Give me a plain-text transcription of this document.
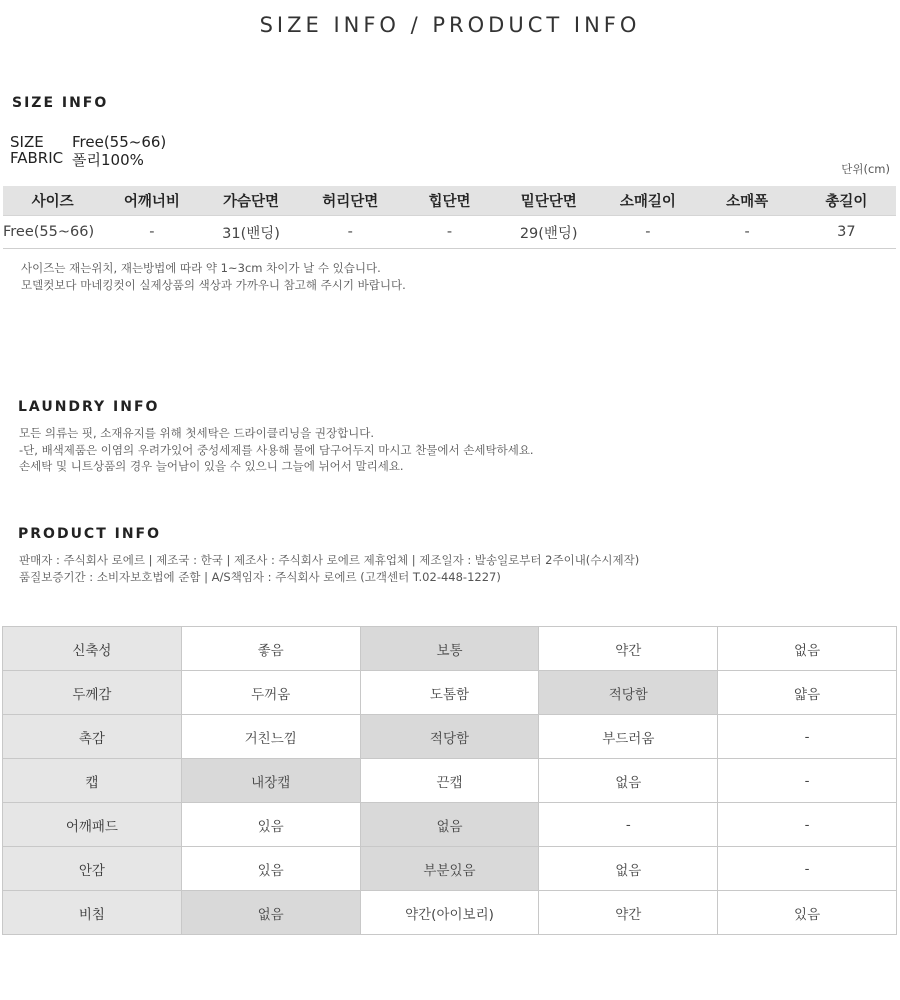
SIZE INFO / PRODUCT INFO
SIZE INFO
SIZE	Free(55~66)
FABRIC 폴리100%	단위(cm)
사이즈	어깨너비	가슴단면	허리단면	힙단면	밑단단면	소매길이	소매폭	총길이
Free(55~66)	-	31(밴딩)	-	-	29(밴딩)	-	-	37
사이즈는 재는위치, 재는방법에 따라 약 1~3cm 차이가 날 수 있습니다.
모델컷보다 마네킹컷이 실제상품의 색상과 가까우니 참고해 주시기 바랍니다.
LAUNDRY INFO
모든 의류는 핏, 소재유지를 위해 첫세탁은 드라이클리닝을 권장합니다.
-단, 배색제품은 이염의 우려가있어 중성세제를 사용해 물에 담구어두지 마시고 찬물에서 손세탁하세요.
손세탁 및 니트상품의 경우 늘어남이 있을 수 있으니 그늘에 뉘어서 말리세요.
PRODUCT INFO
판매자 : 주식회사 로에르 | 제조국 : 한국 | 제조사 : 주식회사 로에르 제휴업체 | 제조일자 : 발송일로부터 2주이내(수시제작)
품질보증기간 : 소비자보호법에 준함 | A/S책임자 : 주식회사 로에르 (고객센터 T.02-448-1227)
신축성	좋음	보통	약간	없음
두께감	두꺼움	도톰함	적당함	얇음
촉감	거친느낌	적당함	부드러움	-
캡	내장캡	끈캡	없음	-
어깨패드	있음	없음	-	-
안감	있음	부분있음	없음	-
비침	없음	약간(아이보리)	약간	있음
